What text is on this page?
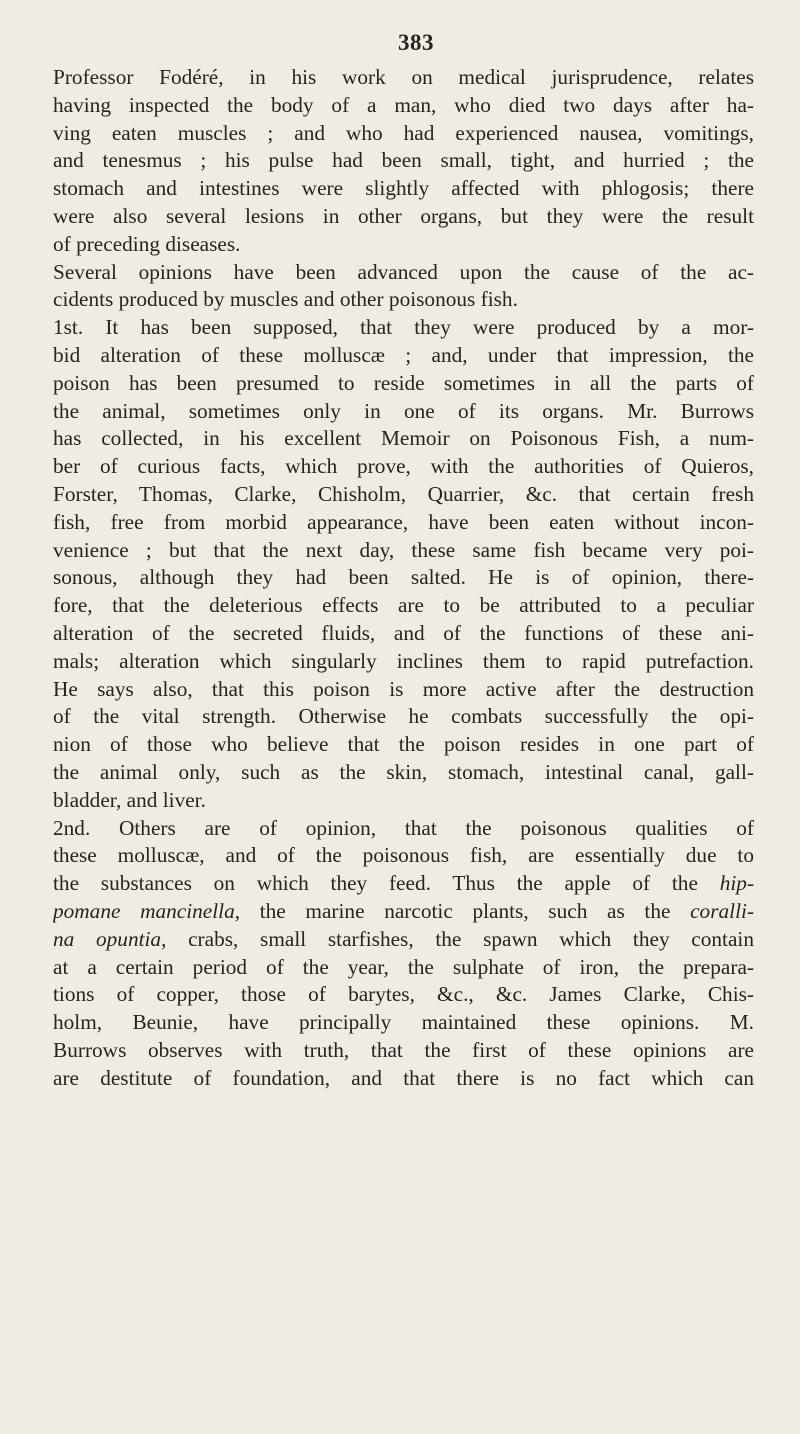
383
Professor Fodéré, in his work on medical jurisprudence, relates
having inspected the body of a man, who died two days after ha-
ving eaten muscles ; and who had experienced nausea, vomitings,
and tenesmus ; his pulse had been small, tight, and hurried ; the
stomach and intestines were slightly affected with phlogosis; there
were also several lesions in other organs, but they were the result
of preceding diseases.
Several opinions have been advanced upon the cause of the ac-
cidents produced by muscles and other poisonous fish.
1st. It has been supposed, that they were produced by a mor-
bid alteration of these molluscæ ; and, under that impression, the
poison has been presumed to reside sometimes in all the parts of
the animal, sometimes only in one of its organs. Mr. Burrows
has collected, in his excellent Memoir on Poisonous Fish, a num-
ber of curious facts, which prove, with the authorities of Quieros,
Forster, Thomas, Clarke, Chisholm, Quarrier, &c. that certain fresh
fish, free from morbid appearance, have been eaten without incon-
venience ; but that the next day, these same fish became very poi-
sonous, although they had been salted. He is of opinion, there-
fore, that the deleterious effects are to be attributed to a peculiar
alteration of the secreted fluids, and of the functions of these ani-
mals; alteration which singularly inclines them to rapid putrefaction.
He says also, that this poison is more active after the destruction
of the vital strength. Otherwise he combats successfully the opi-
nion of those who believe that the poison resides in one part of
the animal only, such as the skin, stomach, intestinal canal, gall-
bladder, and liver.
2nd. Others are of opinion, that the poisonous qualities of
these molluscæ, and of the poisonous fish, are essentially due to
the substances on which they feed. Thus the apple of the hip-
pomane mancinella, the marine narcotic plants, such as the coralli-
na opuntia, crabs, small starfishes, the spawn which they contain
at a certain period of the year, the sulphate of iron, the prepara-
tions of copper, those of barytes, &c., &c. James Clarke, Chis-
holm, Beunie, have principally maintained these opinions. M.
Burrows observes with truth, that the first of these opinions are
are destitute of foundation, and that there is no fact which can
